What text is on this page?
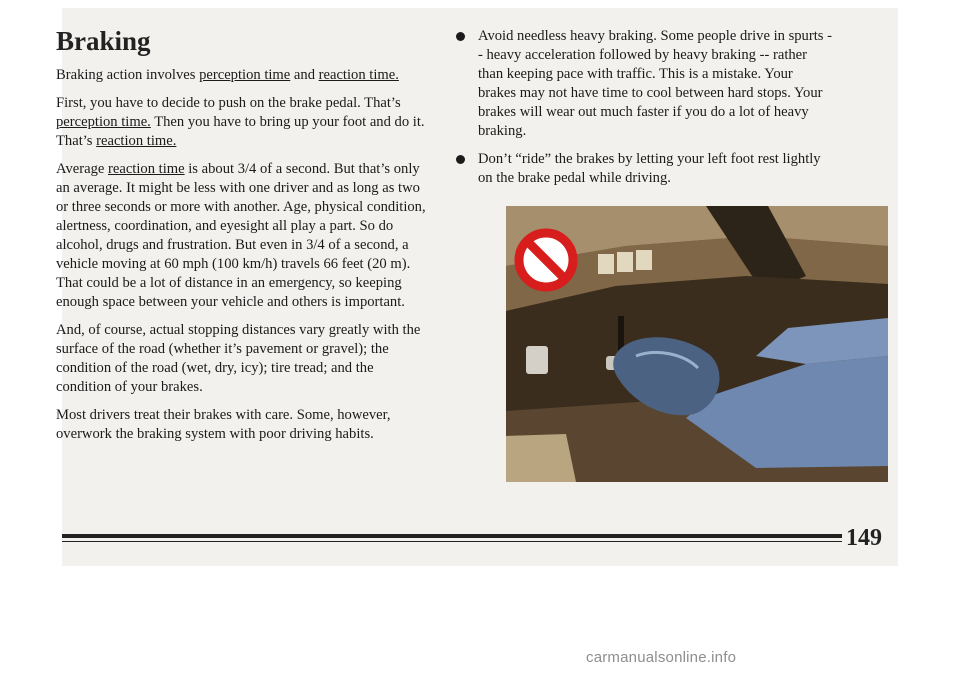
Braking

Braking action involves perception time and reaction time.

First, you have to decide to push on the brake pedal. That’s perception time. Then you have to bring up your foot and do it. That’s reaction time.

Average reaction time is about 3/4 of a second. But that’s only an average. It might be less with one driver and as long as two or three seconds or more with another. Age, physical condition, alertness, coordination, and eyesight all play a part. So do alcohol, drugs and frustration. But even in 3/4 of a second, a vehicle moving at 60 mph (100 km/h) travels 66 feet (20 m). That could be a lot of distance in an emergency, so keeping enough space between your vehicle and others is important.

And, of course, actual stopping distances vary greatly with the surface of the road (whether it’s pavement or gravel); the condition of the road (wet, dry, icy); tire tread; and the condition of your brakes.

Most drivers treat their brakes with care. Some, however, overwork the braking system with poor driving habits.

Avoid needless heavy braking. Some people drive in spurts -- heavy acceleration followed by heavy braking -- rather than keeping pace with traffic. This is a mistake. Your brakes may not have time to cool between hard stops. Your brakes will wear out much faster if you do a lot of heavy braking.
Don’t “ride” the brakes by letting your left foot rest lightly on the brake pedal while driving.
149
carmanualsonline.info
